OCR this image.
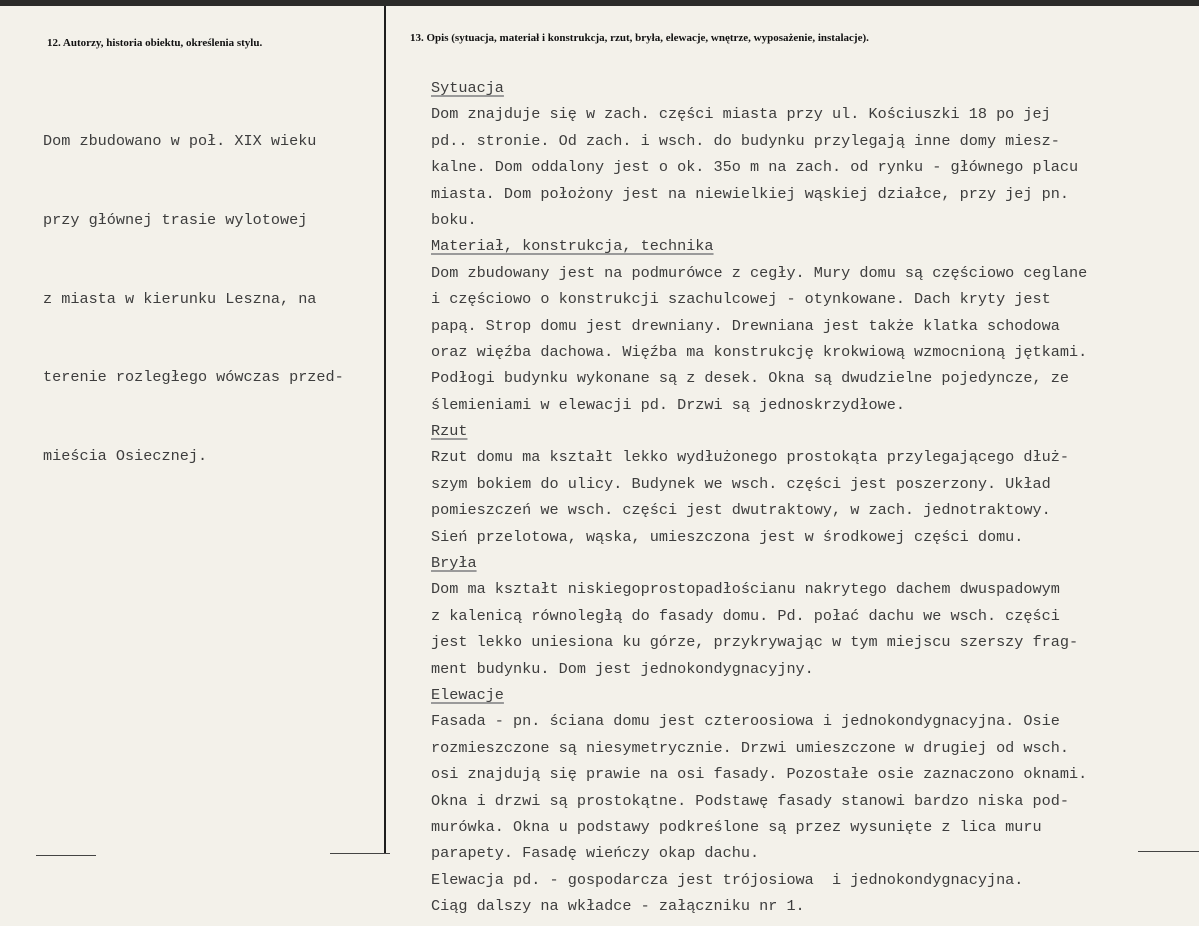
12. Autorzy, historia obiektu, określenia stylu.	13. Opis (sytuacja, materiał i konstrukcja, rzut, bryła, elewacje, wnętrze, wyposażenie, instalacje).

Dom zbudowano w poł. XIX wieku

przy głównej trasie wylotowej

z miasta w kierunku Leszna, na

terenie rozległego wówczas przed-

mieścia Osiecznej.

Sytuacja
Dom znajduje się w zach. części miasta przy ul. Kościuszki 18 po jej
pd.. stronie. Od zach. i wsch. do budynku przylegają inne domy miesz-
kalne. Dom oddalony jest o ok. 35o m na zach. od rynku - głównego placu
miasta. Dom położony jest na niewielkiej wąskiej działce, przy jej pn.
boku.
Materiał, konstrukcja, technika
Dom zbudowany jest na podmurówce z cegły. Mury domu są częściowo ceglane
i częściowo o konstrukcji szachulcowej - otynkowane. Dach kryty jest
papą. Strop domu jest drewniany. Drewniana jest także klatka schodowa
oraz więźba dachowa. Więźba ma konstrukcję krokwiową wzmocnioną jętkami.
Podłogi budynku wykonane są z desek. Okna są dwudzielne pojedyncze, ze
ślemieniami w elewacji pd. Drzwi są jednoskrzydłowe.
Rzut
Rzut domu ma kształt lekko wydłużonego prostokąta przylegającego dłuż-
szym bokiem do ulicy. Budynek we wsch. części jest poszerzony. Układ
pomieszczeń we wsch. części jest dwutraktowy, w zach. jednotraktowy.
Sień przelotowa, wąska, umieszczona jest w środkowej części domu.
Bryła
Dom ma kształt niskiegoprostopadłościanu nakrytego dachem dwuspadowym
z kalenicą równoległą do fasady domu. Pd. połać dachu we wsch. części
jest lekko uniesiona ku górze, przykrywając w tym miejscu szerszy frag-
ment budynku. Dom jest jednokondygnacyjny.
Elewacje
Fasada - pn. ściana domu jest czteroosiowa i jednokondygnacyjna. Osie
rozmieszczone są niesymetrycznie. Drzwi umieszczone w drugiej od wsch.
osi znajdują się prawie na osi fasady. Pozostałe osie zaznaczono oknami.
Okna i drzwi są prostokątne. Podstawę fasady stanowi bardzo niska pod-
murówka. Okna u podstawy podkreślone są przez wysunięte z lica muru
parapety. Fasadę wieńczy okap dachu.
Elewacja pd. - gospodarcza jest trójosiowa  i jednokondygnacyjna.
Ciąg dalszy na wkładce - załączniku nr 1.
